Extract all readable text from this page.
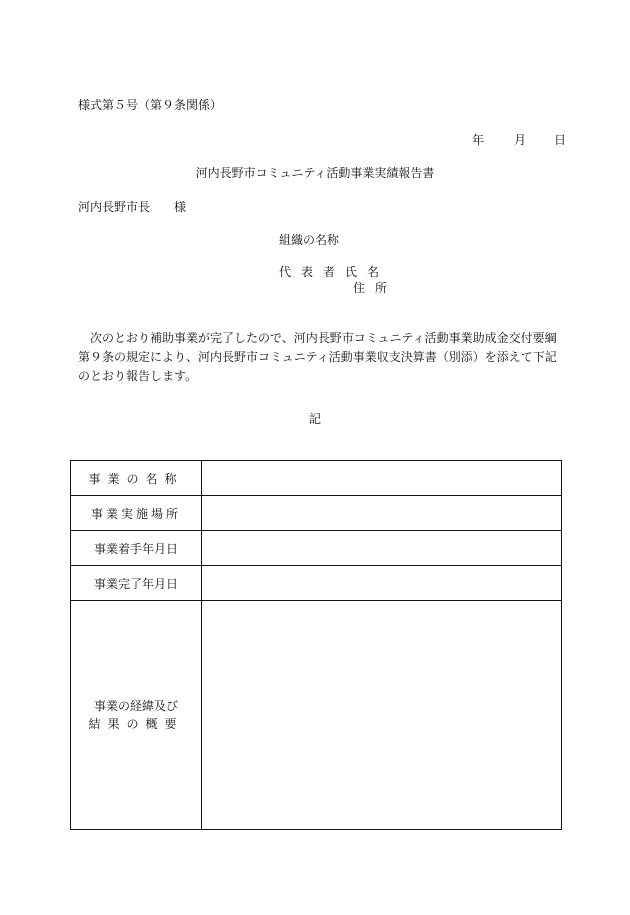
様式第５号（第９条関係）
年	月 日
河内長野市コミュニティ活動事業実績報告書
河内長野市長　　様
組織の名称
代表者氏名
住所

　次のとおり補助事業が完了したので、河内長野市コミュニティ活動事業助成金交付要綱

第９条の規定により、河内長野市コミュニティ活動事業収支決算書（別添）を添えて下記

のとおり報告します。

記
事業の名称	
事業実施場所	
事業着手年月日	
事業完了年月日	

事業の経緯及び
結果の概要	
